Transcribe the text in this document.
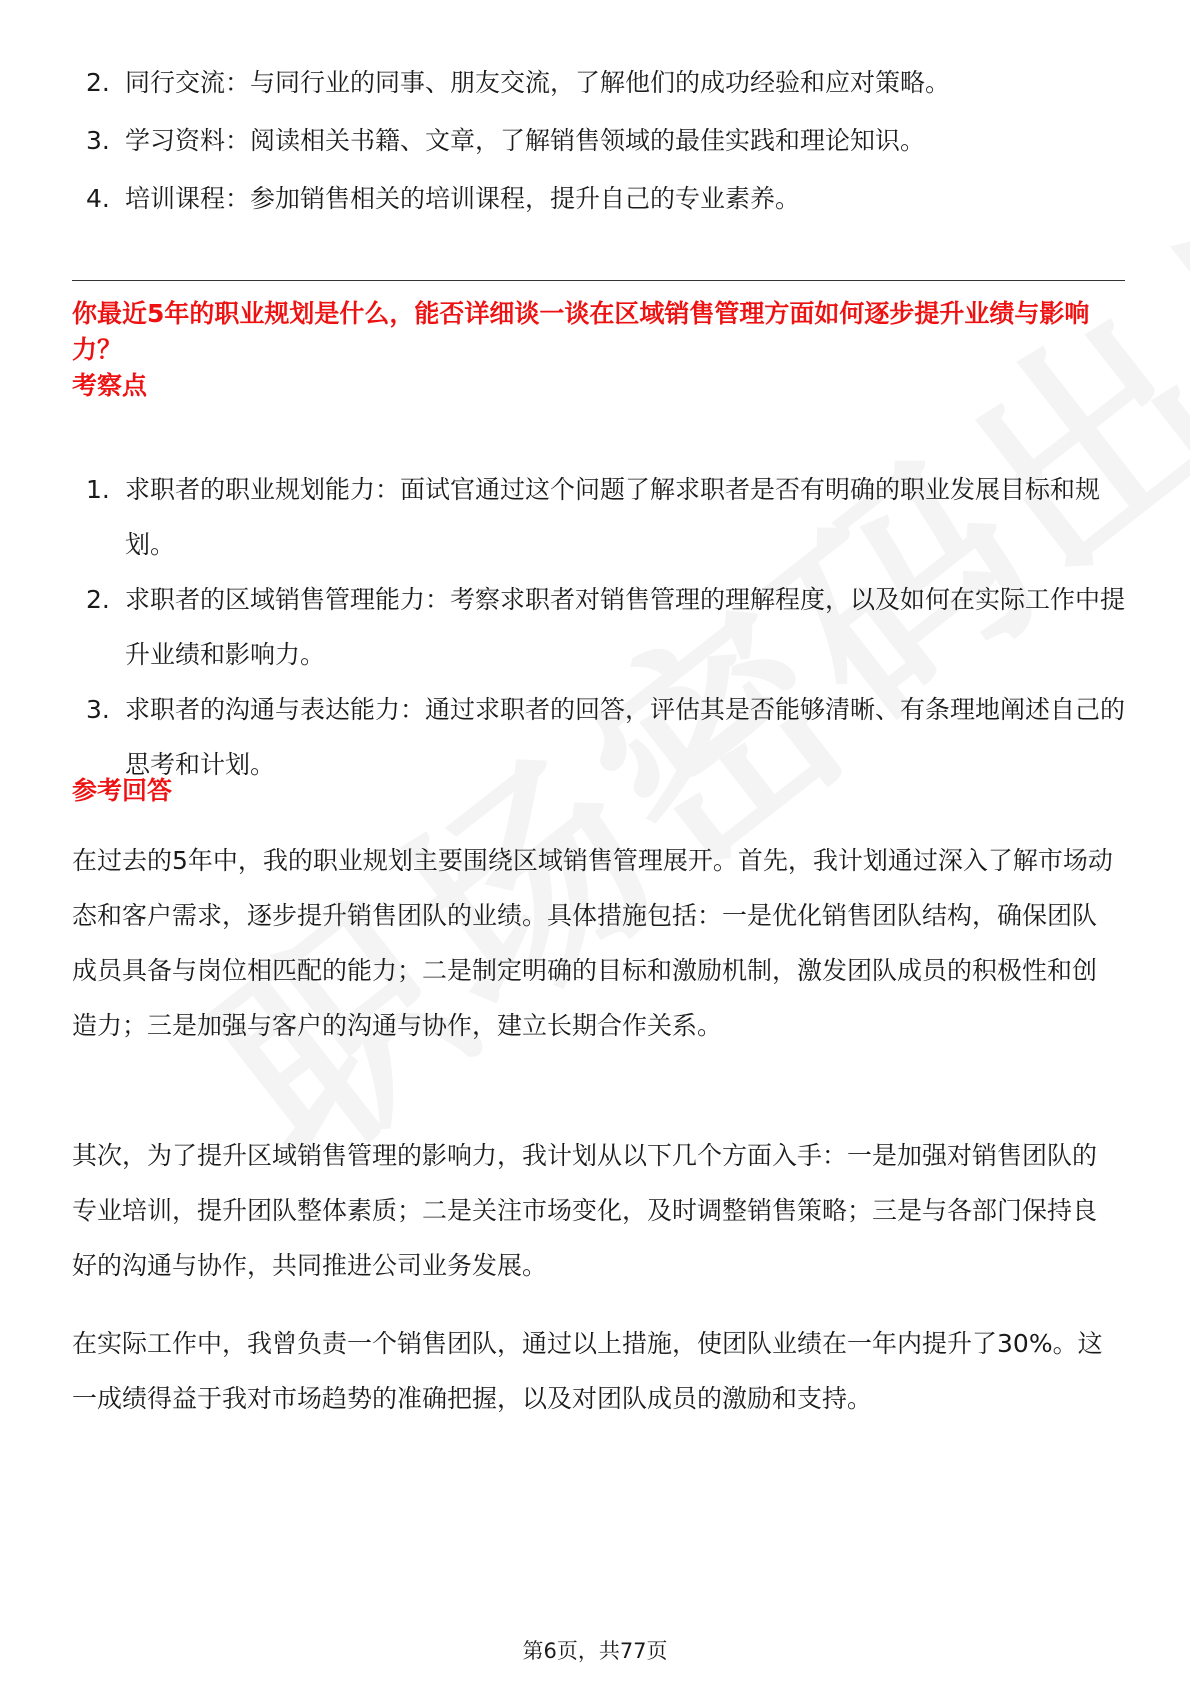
2. 同行交流：与同行业的同事、朋友交流，了解他们的成功经验和应对策略。
3. 学习资料：阅读相关书籍、文章，了解销售领域的最佳实践和理论知识。
4. 培训课程：参加销售相关的培训课程，提升自己的专业素养。
你最近5年的职业规划是什么，能否详细谈一谈在区域销售管理方面如何逐步提升业绩与影响力？
考察点
1. 求职者的职业规划能力：面试官通过这个问题了解求职者是否有明确的职业发展目标和规划。
2. 求职者的区域销售管理能力：考察求职者对销售管理的理解程度，以及如何在实际工作中提升业绩和影响力。
3. 求职者的沟通与表达能力：通过求职者的回答，评估其是否能够清晰、有条理地阐述自己的思考和计划。
参考回答

在过去的5年中，我的职业规划主要围绕区域销售管理展开。首先，我计划通过深入了解市场动态和客户需求，逐步提升销售团队的业绩。具体措施包括：一是优化销售团队结构，确保团队成员具备与岗位相匹配的能力；二是制定明确的目标和激励机制，激发团队成员的积极性和创造力；三是加强与客户的沟通与协作，建立长期合作关系。

其次，为了提升区域销售管理的影响力，我计划从以下几个方面入手：一是加强对销售团队的专业培训，提升团队整体素质；二是关注市场变化，及时调整销售策略；三是与各部门保持良好的沟通与协作，共同推进公司业务发展。

在实际工作中，我曾负责一个销售团队，通过以上措施，使团队业绩在一年内提升了30%。这一成绩得益于我对市场趋势的准确把握，以及对团队成员的激励和支持。

第6页，共77页
